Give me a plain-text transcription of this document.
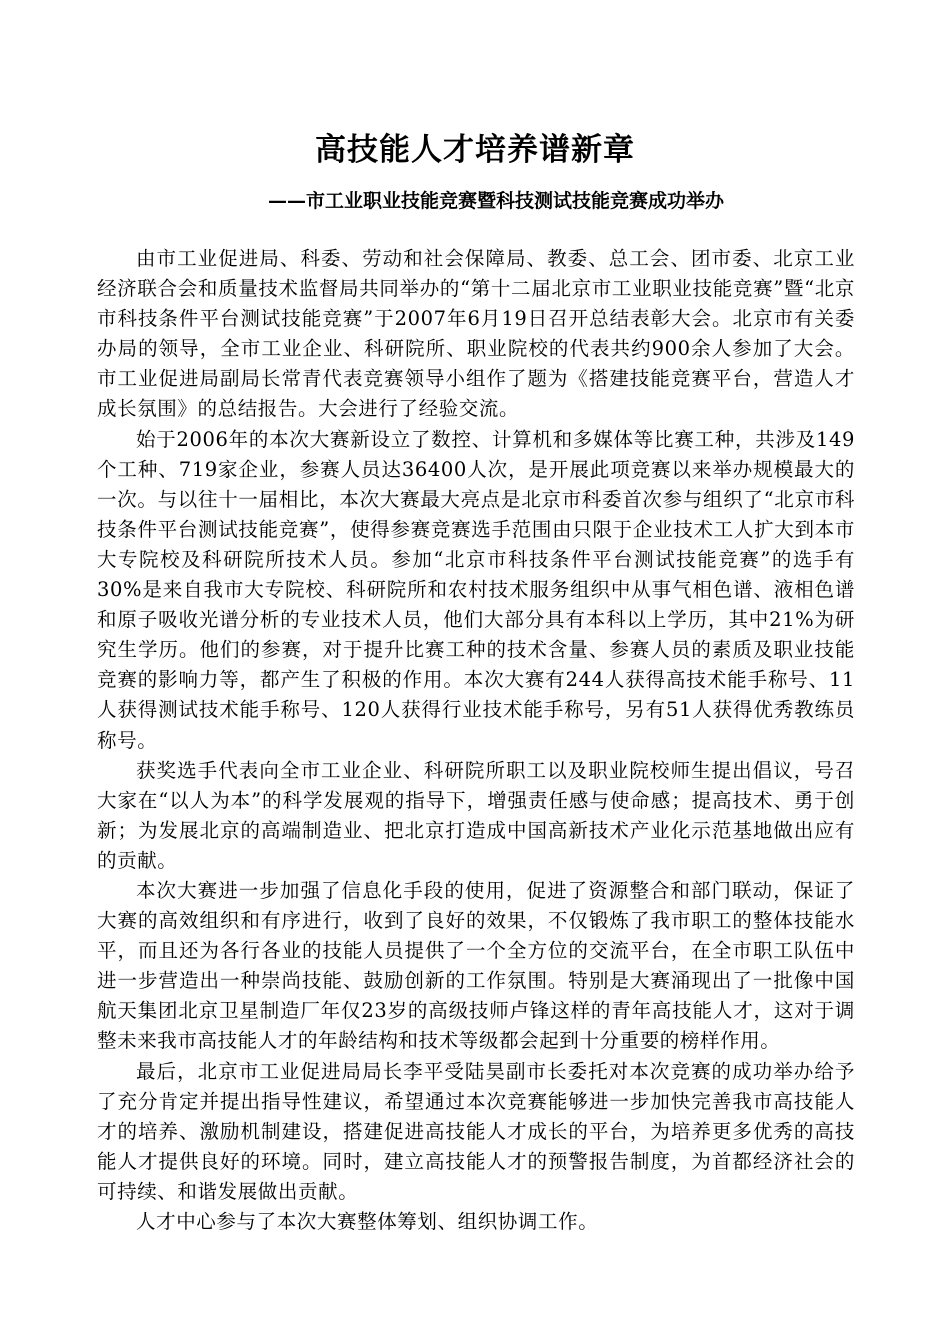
高技能人才培养谱新章
——市工业职业技能竞赛暨科技测试技能竞赛成功举办

由市工业促进局、科委、劳动和社会保障局、教委、总工会、团市委、北京工业经济联合会和质量技术监督局共同举办的“第十二届北京市工业职业技能竞赛”暨“北京市科技条件平台测试技能竞赛”于2007年6月19日召开总结表彰大会。北京市有关委办局的领导，全市工业企业、科研院所、职业院校的代表共约900余人参加了大会。市工业促进局副局长常青代表竞赛领导小组作了题为《搭建技能竞赛平台，营造人才成长氛围》的总结报告。大会进行了经验交流。

始于2006年的本次大赛新设立了数控、计算机和多媒体等比赛工种，共涉及149个工种、719家企业，参赛人员达36400人次，是开展此项竞赛以来举办规模最大的一次。与以往十一届相比，本次大赛最大亮点是北京市科委首次参与组织了“北京市科技条件平台测试技能竞赛”，使得参赛竞赛选手范围由只限于企业技术工人扩大到本市大专院校及科研院所技术人员。参加“北京市科技条件平台测试技能竞赛”的选手有30%是来自我市大专院校、科研院所和农村技术服务组织中从事气相色谱、液相色谱和原子吸收光谱分析的专业技术人员，他们大部分具有本科以上学历，其中21%为研究生学历。他们的参赛，对于提升比赛工种的技术含量、参赛人员的素质及职业技能竞赛的影响力等，都产生了积极的作用。本次大赛有244人获得高技术能手称号、11人获得测试技术能手称号、120人获得行业技术能手称号，另有51人获得优秀教练员称号。

获奖选手代表向全市工业企业、科研院所职工以及职业院校师生提出倡议，号召大家在“以人为本”的科学发展观的指导下，增强责任感与使命感；提高技术、勇于创新；为发展北京的高端制造业、把北京打造成中国高新技术产业化示范基地做出应有的贡献。

本次大赛进一步加强了信息化手段的使用，促进了资源整合和部门联动，保证了大赛的高效组织和有序进行，收到了良好的效果，不仅锻炼了我市职工的整体技能水平，而且还为各行各业的技能人员提供了一个全方位的交流平台，在全市职工队伍中进一步营造出一种崇尚技能、鼓励创新的工作氛围。特别是大赛涌现出了一批像中国航天集团北京卫星制造厂年仅23岁的高级技师卢锋这样的青年高技能人才，这对于调整未来我市高技能人才的年龄结构和技术等级都会起到十分重要的榜样作用。

最后，北京市工业促进局局长李平受陆昊副市长委托对本次竞赛的成功举办给予了充分肯定并提出指导性建议，希望通过本次竞赛能够进一步加快完善我市高技能人才的培养、激励机制建设，搭建促进高技能人才成长的平台，为培养更多优秀的高技能人才提供良好的环境。同时，建立高技能人才的预警报告制度，为首都经济社会的可持续、和谐发展做出贡献。

人才中心参与了本次大赛整体筹划、组织协调工作。
